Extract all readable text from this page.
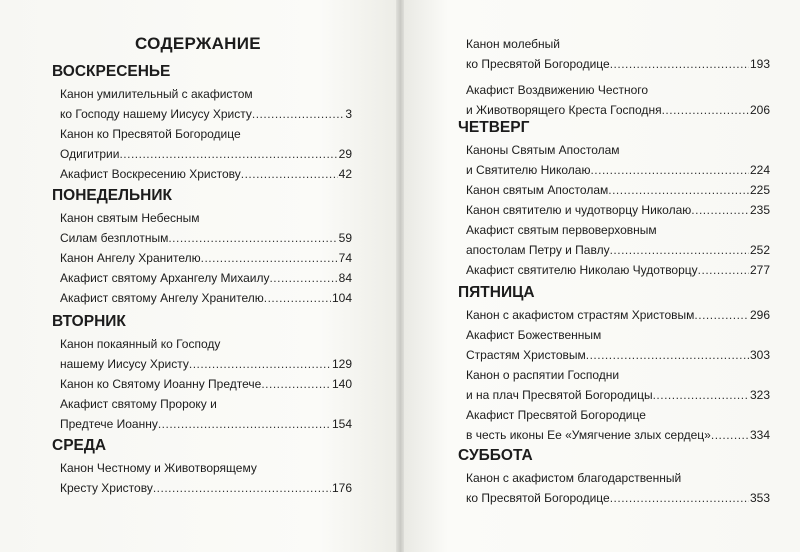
СОДЕРЖАНИЕ
ВОСКРЕСЕНЬЕ
Канон умилительный с акафистом
ко Господу нашему Иисусу Христу .....	3
Канон ко Пресвятой Богородице
Одигитрии .....	29
Акафист Воскресению Христову .....	42
ПОНЕДЕЛЬНИК
Канон святым Небесным
Силам безплотным .....	59
Канон Ангелу Хранителю .....	74
Акафист святому Архангелу Михаилу .....	84
Акафист святому Ангелу Хранителю .....	104
ВТОРНИК
Канон покаянный ко Господу
нашему Иисусу Христу .....	129
Канон ко Святому Иоанну Предтече .....	140
Акафист святому Пророку и
Предтече Иоанну .....	154
СРЕДА
Канон Честному и Животворящему
Кресту Христову .....	176
Канон молебный
ко Пресвятой Богородице .....	193
Акафист Воздвижению Честного
и Животворящего Креста Господня .....	206
ЧЕТВЕРГ
Каноны Святым Апостолам
и Святителю Николаю .....	224
Канон святым Апостолам .....	225
Канон святителю и чудотворцу Николаю .....	235
Акафист святым первоверховным
апостолам Петру и Павлу .....	252
Акафист святителю Николаю Чудотворцу .....	277
ПЯТНИЦА
Канон с акафистом страстям Христовым .....	296
Акафист Божественным
Страстям Христовым .....	303
Канон о распятии Господни
и на плач Пресвятой Богородицы .....	323
Акафист Пресвятой Богородице
в честь иконы Ее «Умягчение злых сердец» .....	334
СУББОТА
Канон с акафистом благодарственный
ко Пресвятой Богородице .....	353
